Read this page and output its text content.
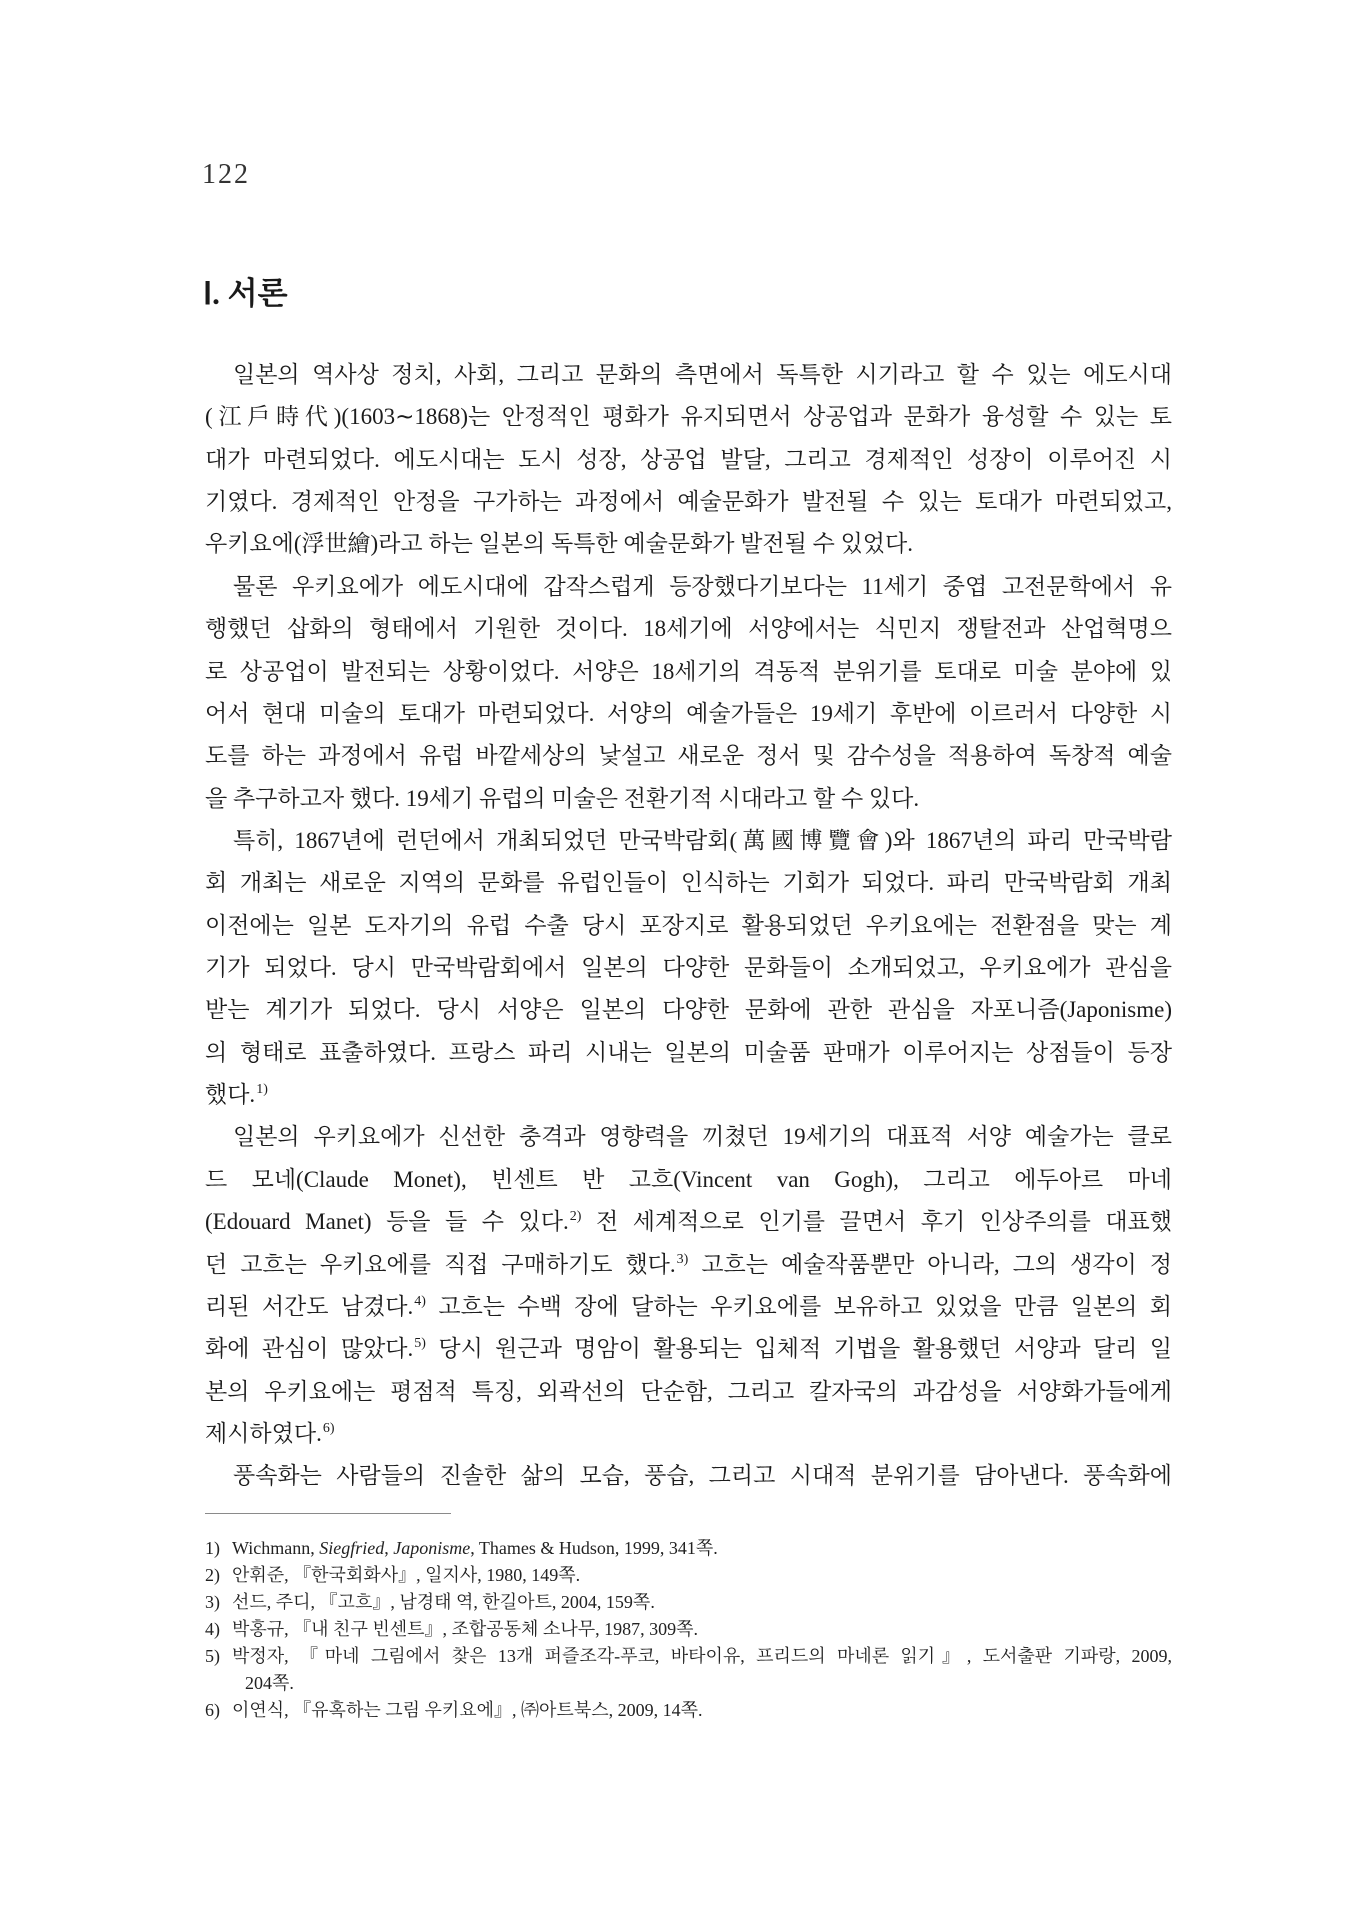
122
Ⅰ. 서론
일본의 역사상 정치, 사회, 그리고 문화의 측면에서 독특한 시기라고 할 수 있는 에도시대
(江戶時代)(1603∼1868)는 안정적인 평화가 유지되면서 상공업과 문화가 융성할 수 있는 토
대가 마련되었다. 에도시대는 도시 성장, 상공업 발달, 그리고 경제적인 성장이 이루어진 시
기였다. 경제적인 안정을 구가하는 과정에서 예술문화가 발전될 수 있는 토대가 마련되었고,
우키요에(浮世繪)라고 하는 일본의 독특한 예술문화가 발전될 수 있었다.
물론 우키요에가 에도시대에 갑작스럽게 등장했다기보다는 11세기 중엽 고전문학에서 유
행했던 삽화의 형태에서 기원한 것이다. 18세기에 서양에서는 식민지 쟁탈전과 산업혁명으
로 상공업이 발전되는 상황이었다. 서양은 18세기의 격동적 분위기를 토대로 미술 분야에 있
어서 현대 미술의 토대가 마련되었다. 서양의 예술가들은 19세기 후반에 이르러서 다양한 시
도를 하는 과정에서 유럽 바깥세상의 낯설고 새로운 정서 및 감수성을 적용하여 독창적 예술
을 추구하고자 했다. 19세기 유럽의 미술은 전환기적 시대라고 할 수 있다.
특히, 1867년에 런던에서 개최되었던 만국박람회(萬國博覽會)와 1867년의 파리 만국박람
회 개최는 새로운 지역의 문화를 유럽인들이 인식하는 기회가 되었다. 파리 만국박람회 개최
이전에는 일본 도자기의 유럽 수출 당시 포장지로 활용되었던 우키요에는 전환점을 맞는 계
기가 되었다. 당시 만국박람회에서 일본의 다양한 문화들이 소개되었고, 우키요에가 관심을
받는 계기가 되었다. 당시 서양은 일본의 다양한 문화에 관한 관심을 자포니즘(Japonisme)
의 형태로 표출하였다. 프랑스 파리 시내는 일본의 미술품 판매가 이루어지는 상점들이 등장
했다.$^{1)}$
일본의 우키요에가 신선한 충격과 영향력을 끼쳤던 19세기의 대표적 서양 예술가는 클로
드 모네(Claude Monet), 빈센트 반 고흐(Vincent van Gogh), 그리고 에두아르 마네
(Edouard Manet) 등을 들 수 있다.$^{2)}$ 전 세계적으로 인기를 끌면서 후기 인상주의를 대표했
던 고흐는 우키요에를 직접 구매하기도 했다.$^{3)}$ 고흐는 예술작품뿐만 아니라, 그의 생각이 정
리된 서간도 남겼다.$^{4)}$ 고흐는 수백 장에 달하는 우키요에를 보유하고 있었을 만큼 일본의 회
화에 관심이 많았다.$^{5)}$ 당시 원근과 명암이 활용되는 입체적 기법을 활용했던 서양과 달리 일
본의 우키요에는 평점적 특징, 외곽선의 단순함, 그리고 칼자국의 과감성을 서양화가들에게
제시하였다.$^{6)}$
풍속화는 사람들의 진솔한 삶의 모습, 풍습, 그리고 시대적 분위기를 담아낸다. 풍속화에
1) Wichmann, Siegfried, Japonisme, Thames & Hudson, 1999, 341쪽.
2) 안휘준, 『한국회화사』, 일지사, 1980, 149쪽.
3) 선드, 주디, 『고흐』, 남경태 역, 한길아트, 2004, 159쪽.
4) 박홍규, 『내 친구 빈센트』, 조합공동체 소나무, 1987, 309쪽.
5) 박정자, 『마네 그림에서 찾은 13개 퍼즐조각-푸코, 바타이유, 프리드의 마네론 읽기』, 도서출판 기파랑, 2009,
204쪽.
6) 이연식, 『유혹하는 그림 우키요에』, ㈜아트북스, 2009, 14쪽.
